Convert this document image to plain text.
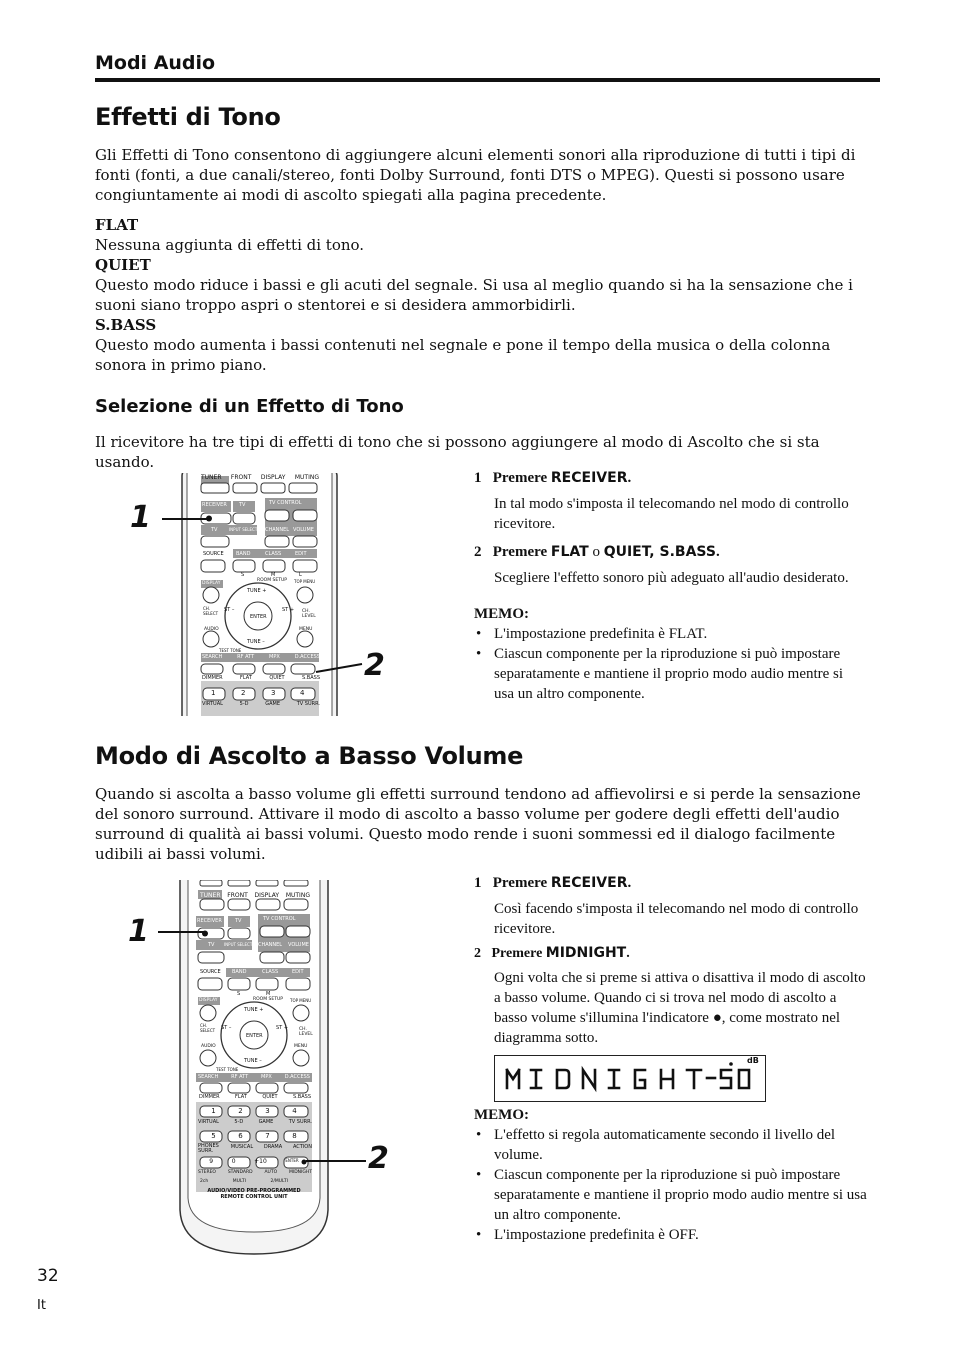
Modi Audio
Effetti di Tono
Gli Effetti di Tono consentono di aggiungere alcuni elementi sonori alla riproduzione di tutti i tipi di fonti (fonti, a due canali/stereo, fonti Dolby Surround, fonti DTS o MPEG). Questi si possono usare congiuntamente ai modi di ascolto spiegati alla pagina precedente.
FLAT
Nessuna aggiunta di effetti di tono.
QUIET
Questo modo riduce i bassi e gli acuti del segnale. Si usa al meglio quando si ha la sensazione che i suoni siano troppo aspri o stentorei e si desidera ammorbidirli.
S.BASS
Questo modo aumenta i bassi contenuti nel segnale e pone il tempo della musica o della colonna sonora in primo piano.
Selezione di un Effetto di Tono
Il ricevitore ha tre tipi di effetti di tono che si possono aggiungere al modo di Ascolto che si sta usando.
TUNER FRONT DISPLAY MUTING
RECEIVER TV	TV CONTROL
TV	INPUT SELECT CHANNEL VOLUME
SOURCE BAND	CLASS	EDIT
S	M	L
ROOM SETUP TOP MENU
DISPLAY
TUNE +
TUNE –
CH. SELECT
ST –	ST +
ENTER
CH. LEVEL
MENU
AUDIO
TEST TONE
SEARCH	RF ATT	MPX	D.ACCESS
DIMMER	FLAT	QUIET	S.BASS
1	2	3	4
VIRTUAL	5-D	GAME	TV SURR.
1
2
1 Premere RECEIVER.
In tal modo s'imposta il telecomando nel modo di controllo ricevitore.
2 Premere FLAT o QUIET, S.BASS.
Scegliere l'effetto sonoro più adeguato all'audio desiderato.
MEMO:
• L'impostazione predefinita è FLAT.
• Ciascun componente per la riproduzione si può impostare separatamente e mantiene il proprio modo audio mentre si usa un altro componente.
Modo di Ascolto a Basso Volume
Quando si ascolta a basso volume gli effetti surround tendono ad affievolirsi e si perde la sensazione del sonoro surround. Attivare il modo di ascolto a basso volume per godere degli effetti dell'audio surround di qualità ai bassi volumi. Questo modo rende i suoni sommessi ed il dialogo facilmente udibili ai bassi volumi.
TUNER FRONT DISPLAY MUTING
RECEIVER	TV	TV CONTROL
TV INPUT SELECT CHANNEL VOLUME
SOURCE BAND	CLASS	EDIT
S	M
ROOM SETUP TOP MENU
DISPLAY
TUNE +
TUNE –
CH. SELECT ST –	ST +
ENTER
CH. LEVEL
MENU
AUDIO
TEST TONE
SEARCH	RF ATT	MPX	D.ACCESS
DIMMER	FLAT	QUIET	S.BASS
1	2	3	4
VIRTUAL	5-D	GAME	TV SURR.
5	6	7	8
PHONES SURR.
MUSICAL DRAMA ACTION
9	0	+10	ENTER
STEREO	STANDARD	AUTO	MIDNIGHT
2ch	MULTI	2/MULTI
AUDIO/VIDEO PRE-PROGRAMMED
REMOTE CONTROL UNIT
1
2
1 Premere RECEIVER.
Così facendo s'imposta il telecomando nel modo di controllo ricevitore.
2 Premere MIDNIGHT.
Ogni volta che si preme si attiva o disattiva il modo di ascolto a basso volume. Quando ci si trova nel modo di ascolto a basso volume s'illumina l'indicatore ●, come mostrato nel diagramma sotto.
dB
MEMO:
• L'effetto si regola automaticamente secondo il livello del volume.
• Ciascun componente per la riproduzione si può impostare separatamente e mantiene il proprio modo audio mentre si usa un altro componente.
• L'impostazione predefinita è OFF.
32
It
